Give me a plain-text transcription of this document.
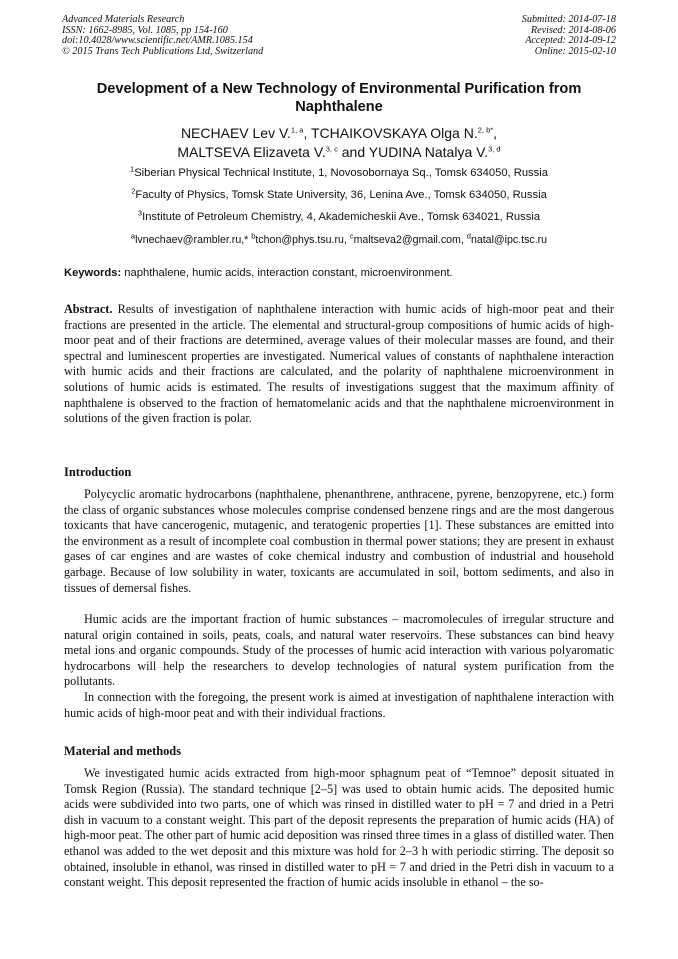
Advanced Materials Research
ISSN: 1662-8985, Vol. 1085, pp 154-160
doi:10.4028/www.scientific.net/AMR.1085.154
© 2015 Trans Tech Publications Ltd, Switzerland
Submitted: 2014-07-18
Revised: 2014-08-06
Accepted: 2014-09-12
Online: 2015-02-10
Development of a New Technology of Environmental Purification from
Naphthalene
NECHAEV Lev V.$^{1, a}$, TCHAIKOVSKAYA Olga N.$^{2, b*}$,
MALTSEVA Elizaveta V.$^{3, c}$ and YUDINA Natalya V.$^{3, d}$
$^1$Siberian Physical Technical Institute, 1, Novosobornaya Sq., Tomsk 634050, Russia
$^2$Faculty of Physics, Tomsk State University, 36, Lenina Ave., Tomsk 634050, Russia
$^3$Institute of Petroleum Chemistry, 4, Akademicheskii Ave., Tomsk 634021, Russia
$^a$lvnechaev@rambler.ru,* $^b$tchon@phys.tsu.ru, $^c$maltseva2@gmail.com, $^d$natal@ipc.tsc.ru
Keywords: naphthalene, humic acids, interaction constant, microenvironment.
Abstract. Results of investigation of naphthalene interaction with humic acids of high-moor peat and their fractions are presented in the article. The elemental and structural-group compositions of humic acids of high-moor peat and of their fractions are determined, average values of their molecular masses are found, and their spectral and luminescent properties are investigated. Numerical values of constants of naphthalene interaction with humic acids and their fractions are calculated, and the polarity of naphthalene microenvironment in solutions of humic acids is estimated. The results of investigations suggest that the maximum affinity of naphthalene is observed to the fraction of hematomelanic acids and that the naphthalene microenvironment in solutions of the given fraction is polar.
Introduction
Polycyclic aromatic hydrocarbons (naphthalene, phenanthrene, anthracene, pyrene, benzopyrene, etc.) form the class of organic substances whose molecules comprise condensed benzene rings and are the most dangerous toxicants that have cancerogenic, mutagenic, and teratogenic properties [1]. These substances are emitted into the environment as a result of incomplete coal combustion in thermal power stations; they are present in exhaust gases of car engines and are wastes of coke chemical industry and combustion of industrial and household garbage. Because of low solubility in water, toxicants are accumulated in soil, bottom sediments, and also in tissues of demersal fishes.
Humic acids are the important fraction of humic substances – macromolecules of irregular structure and natural origin contained in soils, peats, coals, and natural water reservoirs. These substances can bind heavy metal ions and organic compounds. Study of the processes of humic acid interaction with various polyaromatic hydrocarbons will help the researchers to develop technologies of natural system purification from the pollutants.
In connection with the foregoing, the present work is aimed at investigation of naphthalene interaction with humic acids of high-moor peat and with their individual fractions.
Material and methods
We investigated humic acids extracted from high-moor sphagnum peat of “Temnoe” deposit situated in Tomsk Region (Russia). The standard technique [2–5] was used to obtain humic acids. The deposited humic acids were subdivided into two parts, one of which was rinsed in distilled water to pH = 7 and dried in a Petri dish in vacuum to a constant weight. This part of the deposit represents the preparation of humic acids (HA) of high-moor peat. The other part of humic acid deposition was rinsed three times in a glass of distilled water. Then ethanol was added to the wet deposit and this mixture was hold for 2–3 h with periodic stirring. The deposit so obtained, insoluble in ethanol, was rinsed in distilled water to pH = 7 and dried in the Petri dish in vacuum to a constant weight. This deposit represented the fraction of humic acids insoluble in ethanol – the so-
